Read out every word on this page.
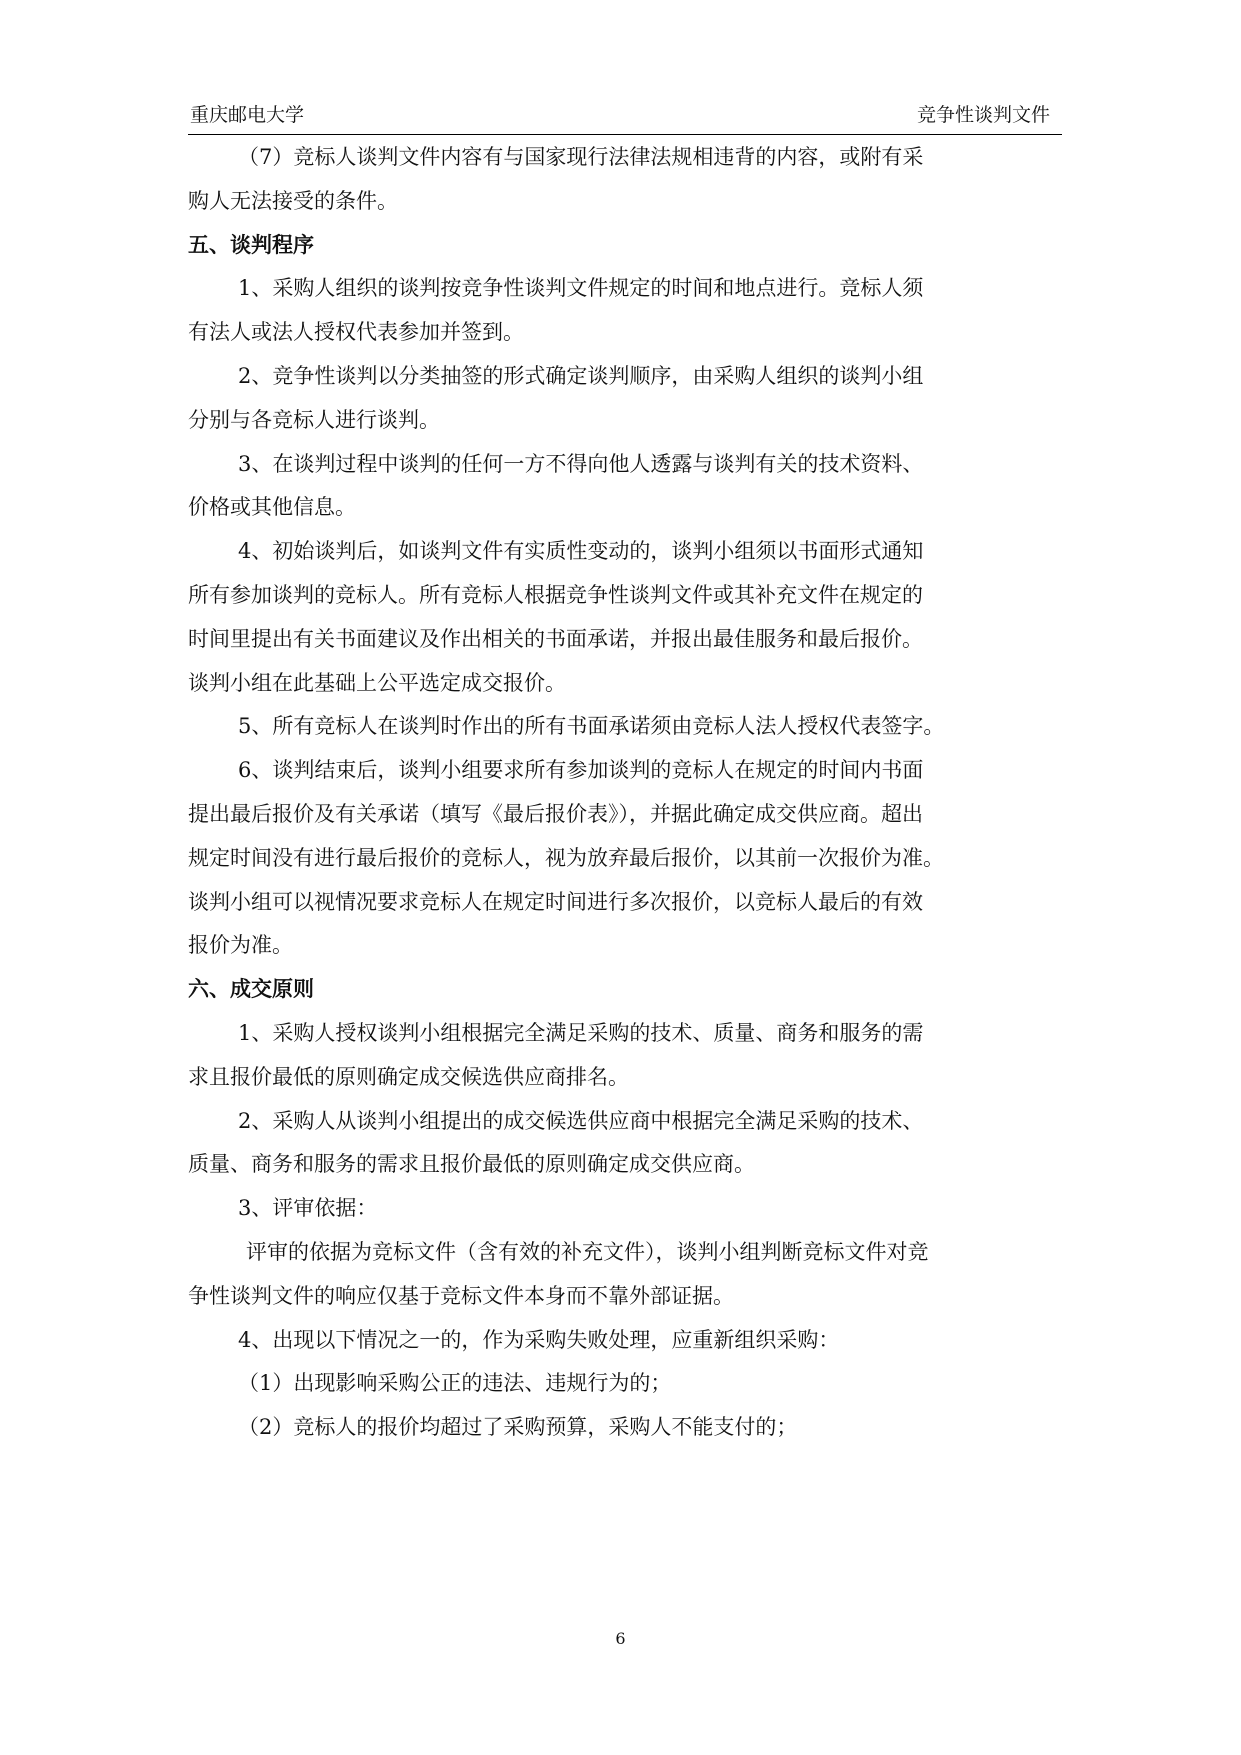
重庆邮电大学	竞争性谈判文件
（7）竞标人谈判文件内容有与国家现行法律法规相违背的内容，或附有采
购人无法接受的条件。
五、谈判程序
1、采购人组织的谈判按竞争性谈判文件规定的时间和地点进行。竞标人须
有法人或法人授权代表参加并签到。
2、竞争性谈判以分类抽签的形式确定谈判顺序，由采购人组织的谈判小组
分别与各竞标人进行谈判。
3、在谈判过程中谈判的任何一方不得向他人透露与谈判有关的技术资料、
价格或其他信息。
4、初始谈判后，如谈判文件有实质性变动的，谈判小组须以书面形式通知
所有参加谈判的竞标人。所有竞标人根据竞争性谈判文件或其补充文件在规定的
时间里提出有关书面建议及作出相关的书面承诺，并报出最佳服务和最后报价。
谈判小组在此基础上公平选定成交报价。
5、所有竞标人在谈判时作出的所有书面承诺须由竞标人法人授权代表签字。
6、谈判结束后，谈判小组要求所有参加谈判的竞标人在规定的时间内书面
提出最后报价及有关承诺（填写《最后报价表》），并据此确定成交供应商。超出
规定时间没有进行最后报价的竞标人，视为放弃最后报价，以其前一次报价为准。
谈判小组可以视情况要求竞标人在规定时间进行多次报价，以竞标人最后的有效
报价为准。
六、成交原则
1、采购人授权谈判小组根据完全满足采购的技术、质量、商务和服务的需
求且报价最低的原则确定成交候选供应商排名。
2、采购人从谈判小组提出的成交候选供应商中根据完全满足采购的技术、
质量、商务和服务的需求且报价最低的原则确定成交供应商。
3、评审依据：
评审的依据为竞标文件（含有效的补充文件），谈判小组判断竞标文件对竞
争性谈判文件的响应仅基于竞标文件本身而不靠外部证据。
4、出现以下情况之一的，作为采购失败处理，应重新组织采购：
（1）出现影响采购公正的违法、违规行为的；
（2）竞标人的报价均超过了采购预算，采购人不能支付的；
6
